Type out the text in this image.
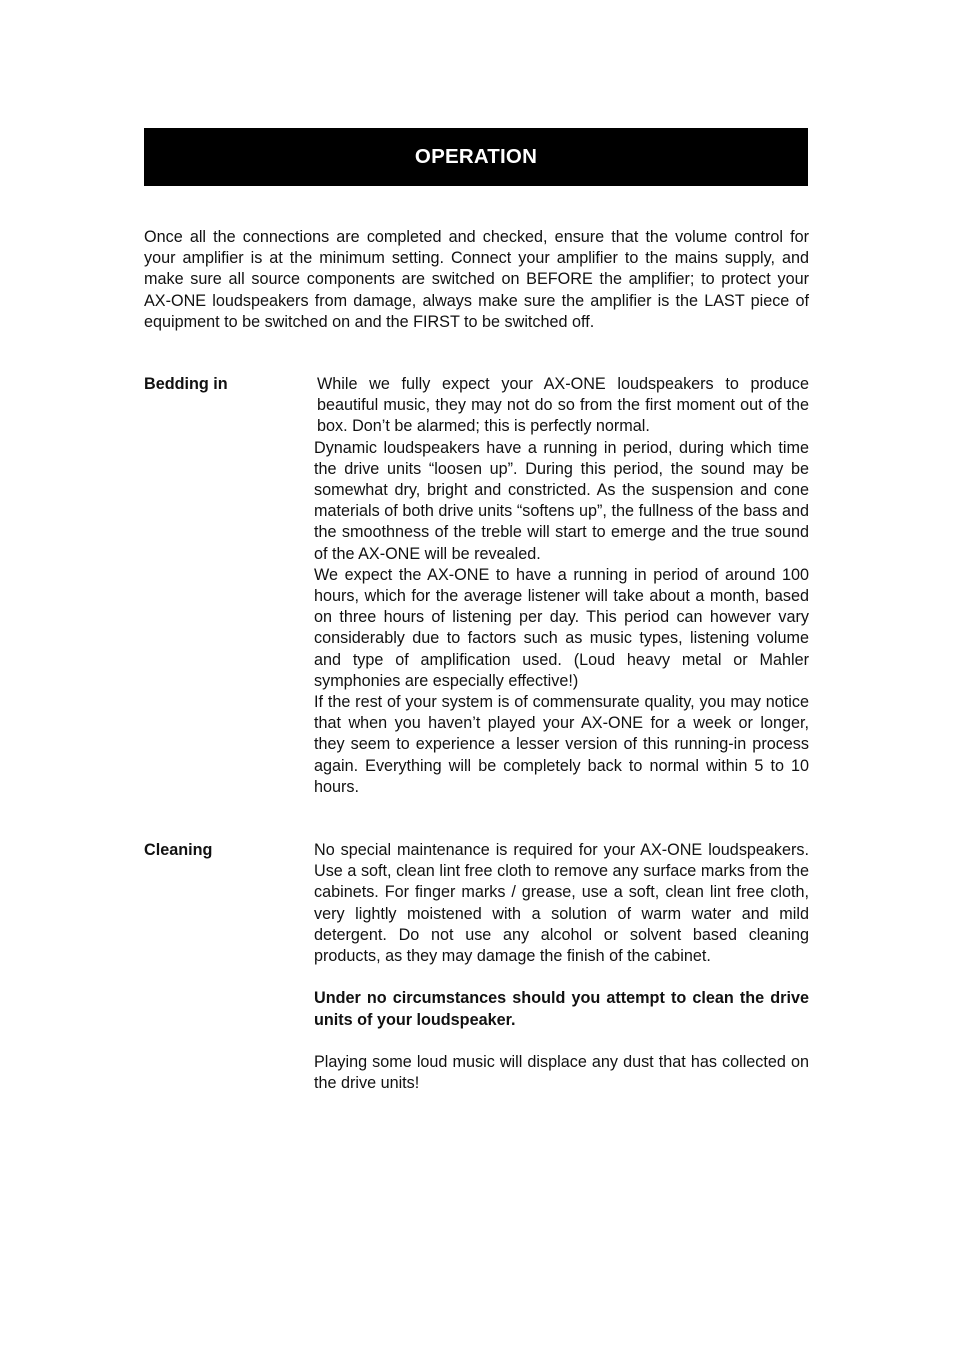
OPERATION

Once all the connections are completed and checked, ensure that the volume control for your amplifier is at the minimum setting. Connect your amplifier to the mains supply, and make sure all source components are switched on BEFORE the amplifier; to protect your AX-ONE loudspeakers from damage, always make sure the amplifier is the LAST piece of equipment to be switched on and the FIRST to be switched off.

Bedding in	While we fully expect your AX-ONE loudspeakers to produce beautiful music, they may not do so from the first moment out of the box. Don’t be alarmed; this is perfectly normal.

Dynamic loudspeakers have a running in period, during which time the drive units “loosen up”. During this period, the sound may be somewhat dry, bright and constricted. As the suspension and cone materials of both drive units “softens up”, the fullness of the bass and the smoothness of the treble will start to emerge and the true sound of the AX-ONE will be revealed.

We expect the AX-ONE to have a running in period of around 100 hours, which for the average listener will take about a month, based on three hours of listening per day. This period can however vary considerably due to factors such as music types, listening volume and type of amplification used. (Loud heavy metal or Mahler symphonies are especially effective!)

If the rest of your system is of commensurate quality, you may notice that when you haven’t played your AX-ONE for a week or longer, they seem to experience a lesser version of this running-in process again. Everything will be completely back to normal within 5 to 10 hours.

Cleaning	No special maintenance is required for your AX-ONE loudspeakers. Use a soft, clean lint free cloth to remove any surface marks from the cabinets. For finger marks / grease, use a soft, clean lint free cloth, very lightly moistened with a solution of warm water and mild detergent. Do not use any alcohol or solvent based cleaning products, as they may damage the finish of the cabinet.

Under no circumstances should you attempt to clean the drive units of your loudspeaker.

Playing some loud music will displace any dust that has collected on the drive units!
